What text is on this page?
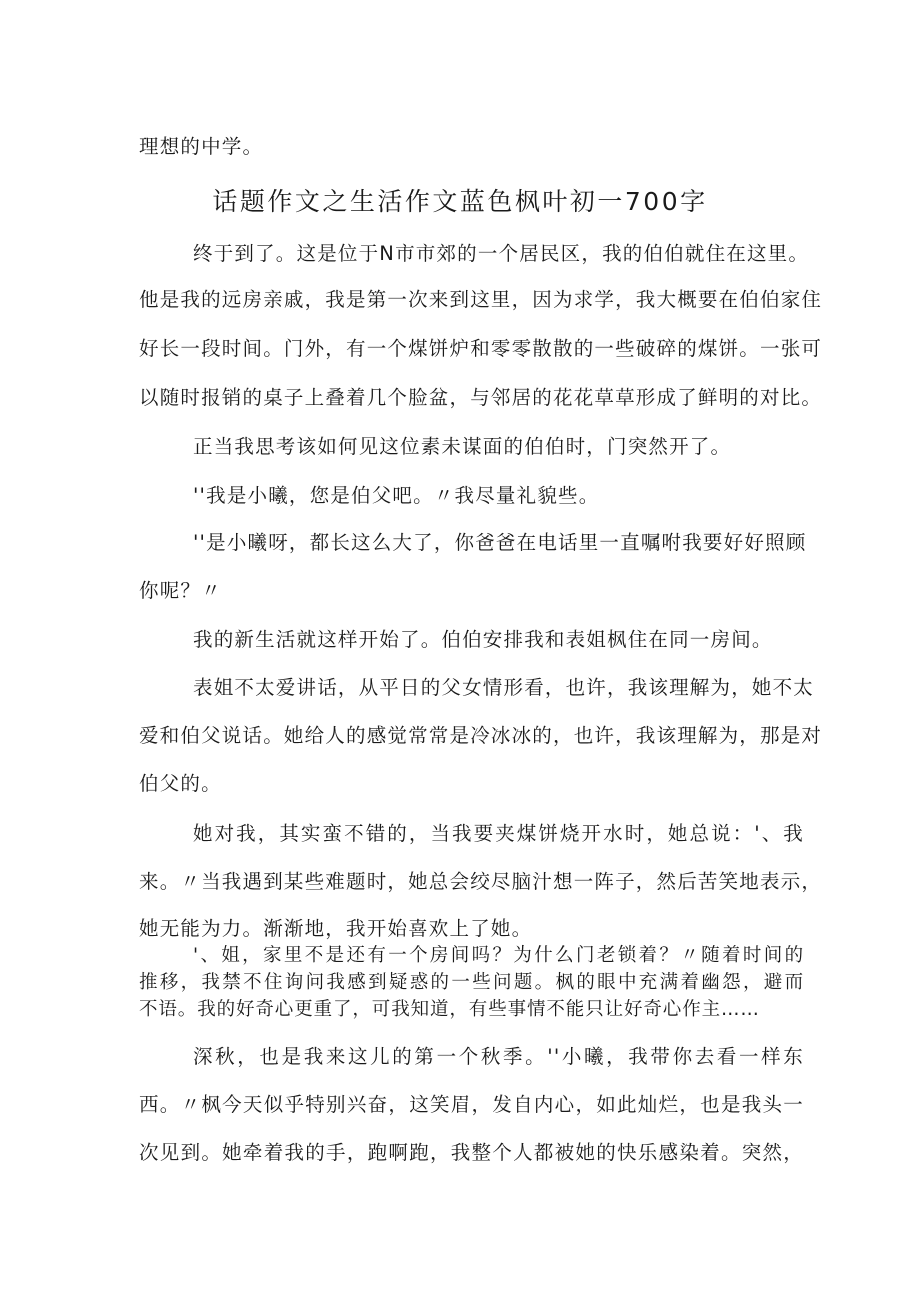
理想的中学。
话题作文之生活作文蓝色枫叶初一700字
终于到了。这是位于N市市郊的一个居民区，我的伯伯就住在这里。
他是我的远房亲戚，我是第一次来到这里，因为求学，我大概要在伯伯家住
好长一段时间。门外，有一个煤饼炉和零零散散的一些破碎的煤饼。一张可
以随时报销的桌子上叠着几个脸盆，与邻居的花花草草形成了鲜明的对比。
正当我思考该如何见这位素未谋面的伯伯时，门突然开了。
''我是小曦，您是伯父吧。〃我尽量礼貌些。
''是小曦呀，都长这么大了，你爸爸在电话里一直嘱咐我要好好照顾
你呢？〃
我的新生活就这样开始了。伯伯安排我和表姐枫住在同一房间。
表姐不太爱讲话，从平日的父女情形看，也许，我该理解为，她不太
爱和伯父说话。她给人的感觉常常是冷冰冰的，也许，我该理解为，那是对
伯父的。
她对我，其实蛮不错的，当我要夹煤饼烧开水时，她总说：'、我
来。〃当我遇到某些难题时，她总会绞尽脑汁想一阵子，然后苦笑地表示，
她无能为力。渐渐地，我开始喜欢上了她。
'、姐，家里不是还有一个房间吗？为什么门老锁着？〃随着时间的
推移，我禁不住询问我感到疑惑的一些问题。枫的眼中充满着幽怨，避而
不语。我的好奇心更重了，可我知道，有些事情不能只让好奇心作主……
深秋，也是我来这儿的第一个秋季。''小曦，我带你去看一样东
西。〃枫今天似乎特别兴奋，这笑眉，发自内心，如此灿烂，也是我头一
次见到。她牵着我的手，跑啊跑，我整个人都被她的快乐感染着。突然，
